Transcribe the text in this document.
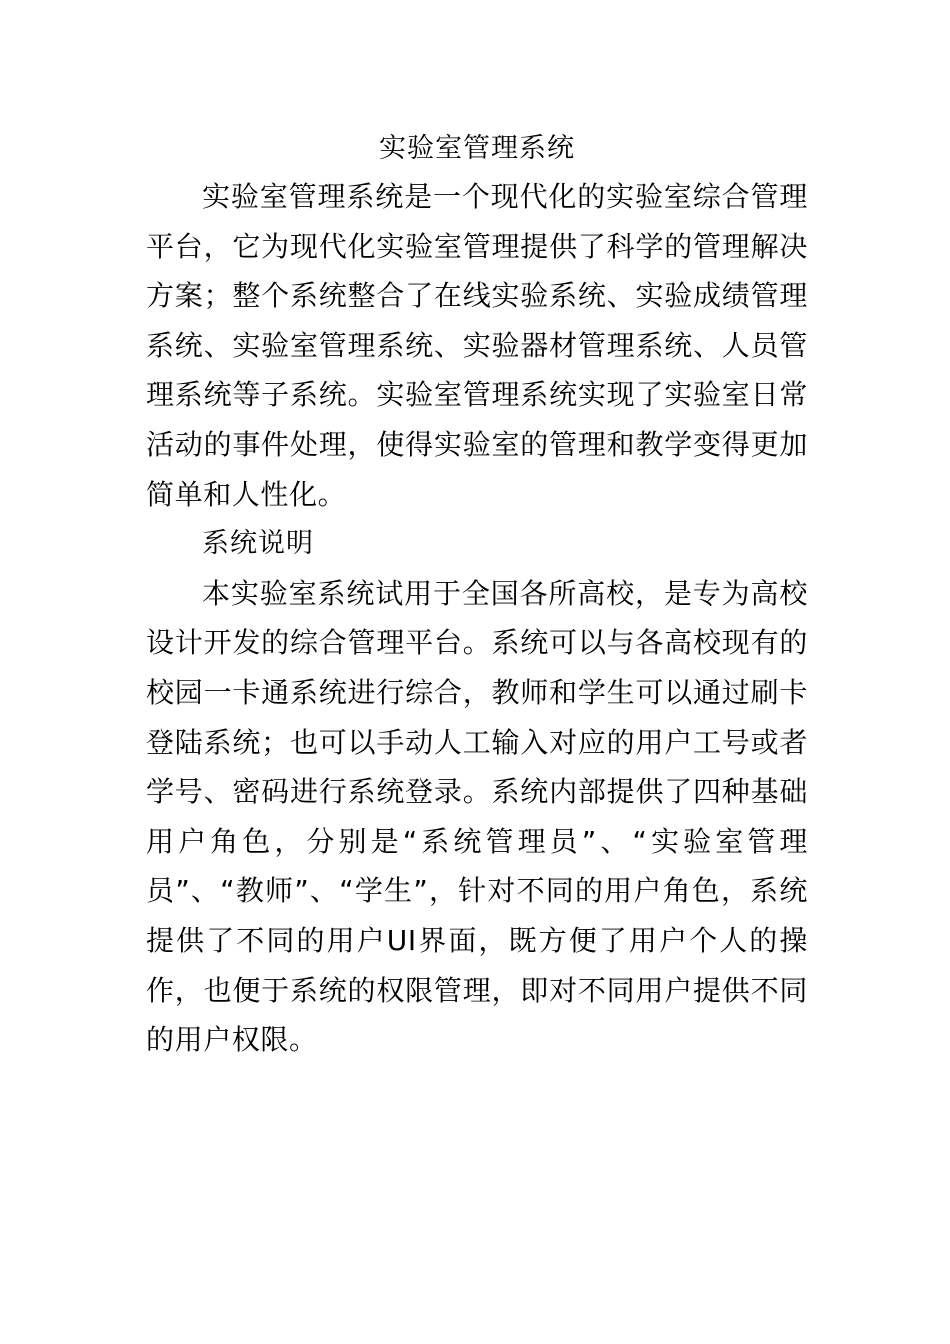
实验室管理系统

实验室管理系统是一个现代化的实验室综合管理平台，它为现代化实验室管理提供了科学的管理解决方案；整个系统整合了在线实验系统、实验成绩管理系统、实验室管理系统、实验器材管理系统、人员管理系统等子系统。实验室管理系统实现了实验室日常活动的事件处理，使得实验室的管理和教学变得更加简单和人性化。

系统说明

本实验室系统试用于全国各所高校，是专为高校设计开发的综合管理平台。系统可以与各高校现有的校园一卡通系统进行综合，教师和学生可以通过刷卡登陆系统；也可以手动人工输入对应的用户工号或者学号、密码进行系统登录。系统内部提供了四种基础用户角色，分别是“系统管理员”、“实验室管理员”、“教师”、“学生”，针对不同的用户角色，系统提供了不同的用户UI界面，既方便了用户个人的操作，也便于系统的权限管理，即对不同用户提供不同的用户权限。
